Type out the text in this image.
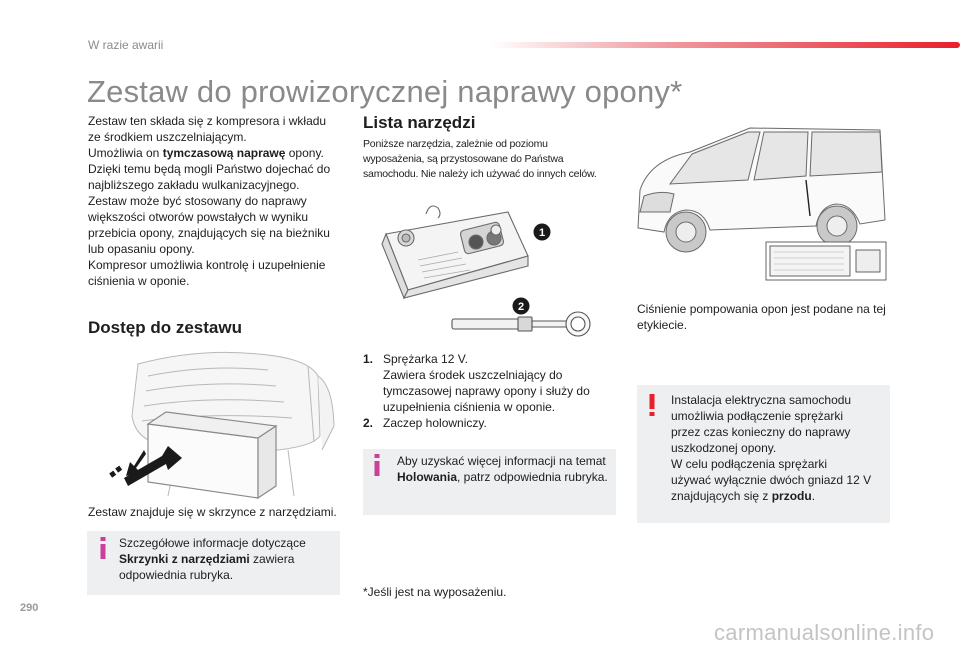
W razie awarii
Zestaw do prowizorycznej naprawy opony*

Zestaw ten składa się z kompresora i wkładu

ze środkiem uszczelniającym.

Umożliwia on tymczasową naprawę opony.

Dzięki temu będą mogli Państwo dojechać do

najbliższego zakładu wulkanizacyjnego.

Zestaw może być stosowany do naprawy

większości otworów powstałych w wyniku

przebicia opony, znajdujących się na bieżniku

lub opasaniu opony.

Kompresor umożliwia kontrolę i uzupełnienie

ciśnienia w oponie.

Dostęp do zestawu
Zestaw znajduje się w skrzynce z narzędziami.

Szczegółowe informacje dotyczące

Skrzynki z narzędziami zawiera

odpowiednia rubryka.

Lista narzędzi

Poniższe narzędzia, zależnie od poziomu

wyposażenia, są przystosowane do Państwa

samochodu. Nie należy ich używać do innych celów.

1
2
1. Sprężarka 12 V.

Zawiera środek uszczelniający do

tymczasowej naprawy opony i służy do

uzupełnienia ciśnienia w oponie.

2. Zaczep holowniczy.

Aby uzyskać więcej informacji na temat

Holowania, patrz odpowiednia rubryka.

*Jeśli jest na wyposażeniu.

Ciśnienie pompowania opon jest podane na tej

etykiecie.

Instalacja elektryczna samochodu

umożliwia podłączenie sprężarki

przez czas konieczny do naprawy

uszkodzonej opony.

W celu podłączenia sprężarki

używać wyłącznie dwóch gniazd 12 V

znajdujących się z przodu.

290
carmanualsonline.info
